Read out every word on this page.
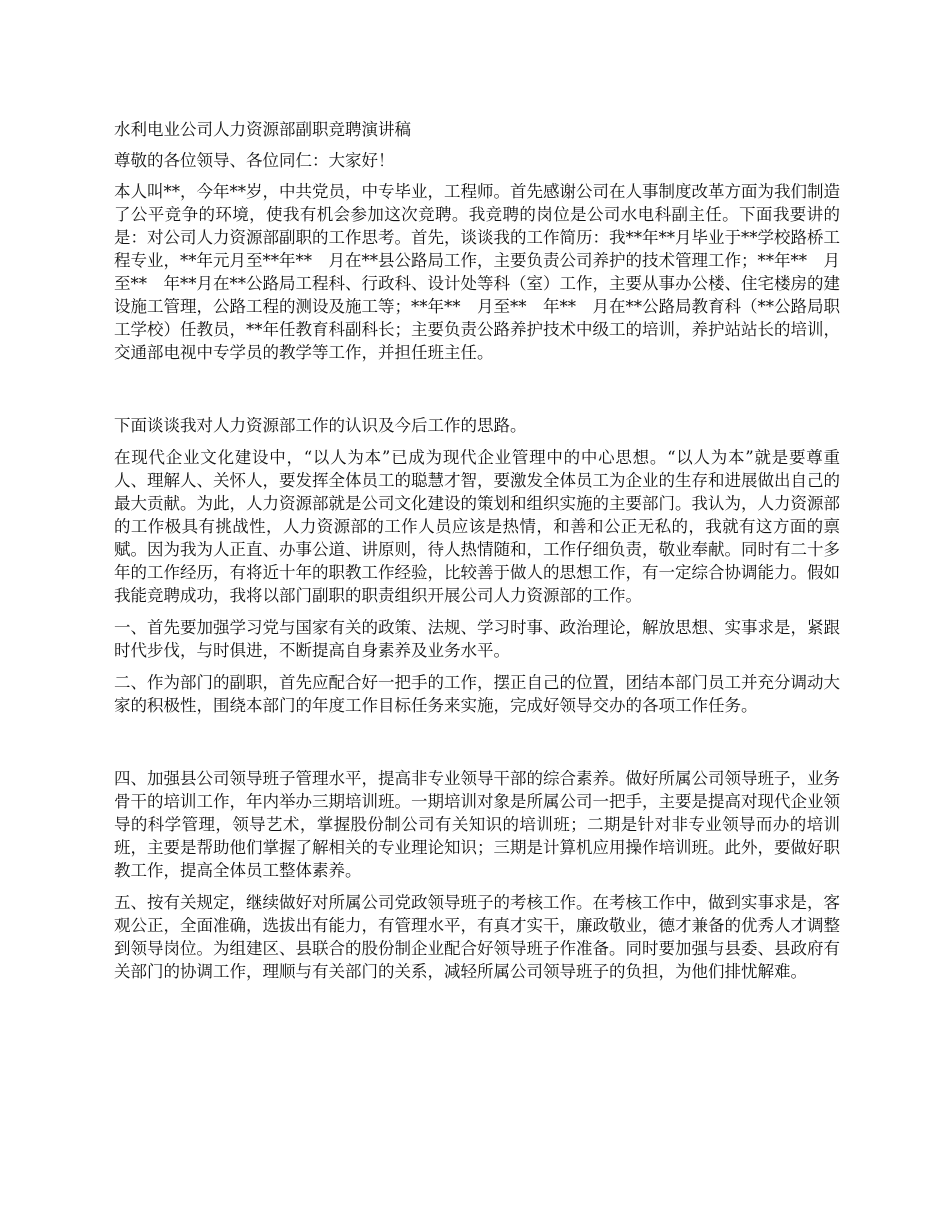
水利电业公司人力资源部副职竞聘演讲稿

尊敬的各位领导、各位同仁：大家好！

本人叫**，今年**岁，中共党员，中专毕业，工程师。首先感谢公司在人事制度改革方面为我们制造了公平竞争的环境，使我有机会参加这次竞聘。我竞聘的岗位是公司水电科副主任。下面我要讲的是：对公司人力资源部副职的工作思考。首先，谈谈我的工作简历：我**年**月毕业于**学校路桥工程专业，**年元月至**年**　月在**县公路局工作，主要负责公司养护的技术管理工作；**年**　月至**　年**月在**公路局工程科、行政科、设计处等科（室）工作，主要从事办公楼、住宅楼房的建设施工管理，公路工程的测设及施工等；**年**　月至**　年**　月在**公路局教育科（**公路局职工学校）任教员，**年任教育科副科长；主要负责公路养护技术中级工的培训，养护站站长的培训，交通部电视中专学员的教学等工作，并担任班主任。

下面谈谈我对人力资源部工作的认识及今后工作的思路。

在现代企业文化建设中，“以人为本”已成为现代企业管理中的中心思想。“以人为本”就是要尊重人、理解人、关怀人，要发挥全体员工的聪慧才智，要激发全体员工为企业的生存和进展做出自己的最大贡献。为此，人力资源部就是公司文化建设的策划和组织实施的主要部门。我认为，人力资源部的工作极具有挑战性，人力资源部的工作人员应该是热情，和善和公正无私的，我就有这方面的禀赋。因为我为人正直、办事公道、讲原则，待人热情随和，工作仔细负责，敬业奉献。同时有二十多年的工作经历，有将近十年的职教工作经验，比较善于做人的思想工作，有一定综合协调能力。假如我能竞聘成功，我将以部门副职的职责组织开展公司人力资源部的工作。

一、首先要加强学习党与国家有关的政策、法规、学习时事、政治理论，解放思想、实事求是，紧跟时代步伐，与时俱进，不断提高自身素养及业务水平。

二、作为部门的副职，首先应配合好一把手的工作，摆正自己的位置，团结本部门员工并充分调动大家的积极性，围绕本部门的年度工作目标任务来实施，完成好领导交办的各项工作任务。

四、加强县公司领导班子管理水平，提高非专业领导干部的综合素养。做好所属公司领导班子，业务骨干的培训工作，年内举办三期培训班。一期培训对象是所属公司一把手，主要是提高对现代企业领导的科学管理，领导艺术，掌握股份制公司有关知识的培训班；二期是针对非专业领导而办的培训班，主要是帮助他们掌握了解相关的专业理论知识；三期是计算机应用操作培训班。此外，要做好职教工作，提高全体员工整体素养。

五、按有关规定，继续做好对所属公司党政领导班子的考核工作。在考核工作中，做到实事求是，客观公正，全面准确，选拔出有能力，有管理水平，有真才实干，廉政敬业，德才兼备的优秀人才调整到领导岗位。为组建区、县联合的股份制企业配合好领导班子作准备。同时要加强与县委、县政府有关部门的协调工作，理顺与有关部门的关系，减轻所属公司领导班子的负担，为他们排忧解难。
